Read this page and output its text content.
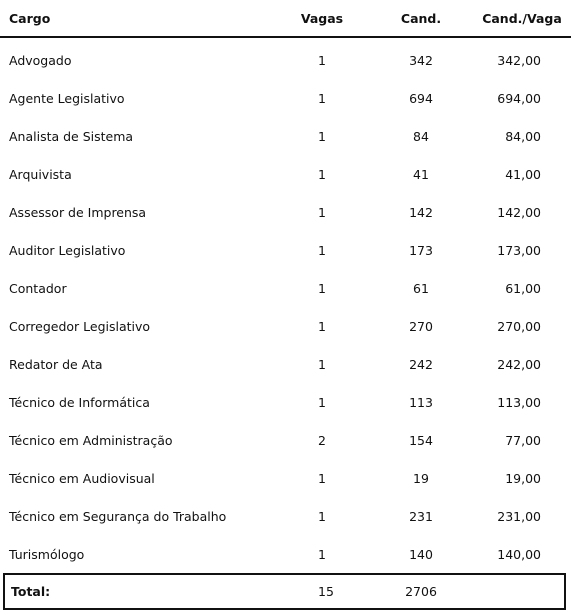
Cargo	Vagas	Cand.	Cand./Vaga
Advogado	1	342	342,00
Agente Legislativo	1	694	694,00
Analista de Sistema	1	84	84,00
Arquivista	1	41	41,00
Assessor de Imprensa	1	142	142,00
Auditor Legislativo	1	173	173,00
Contador	1	61	61,00
Corregedor Legislativo	1	270	270,00
Redator de Ata	1	242	242,00
Técnico de Informática	1	113	113,00
Técnico em Administração	2	154	77,00
Técnico em Audiovisual	1	19	19,00
Técnico em Segurança do Trabalho	1	231	231,00
Turismólogo	1	140	140,00
Total:	15	2706
